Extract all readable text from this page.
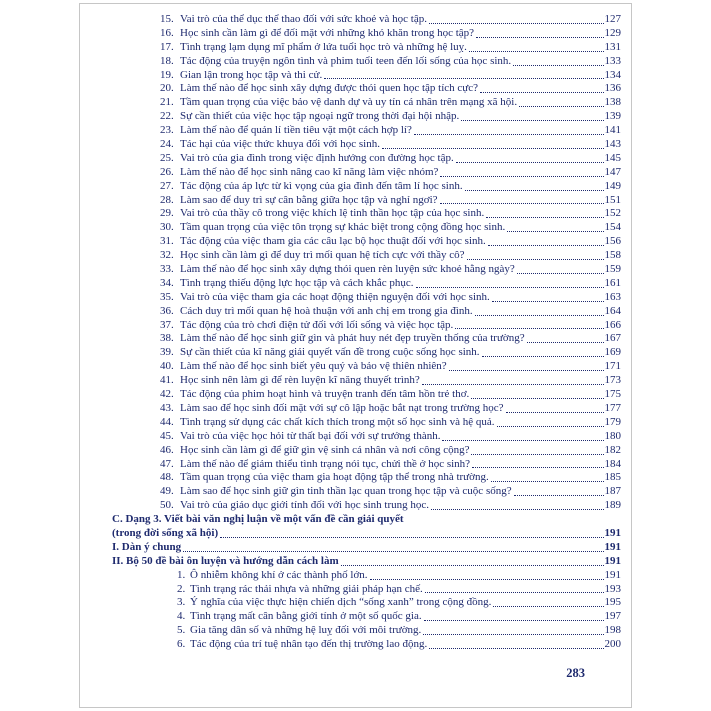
15. Vai trò của thể dục thể thao đối với sức khoẻ và học tập.	127
16. Học sinh cần làm gì để đối mặt với những khó khăn trong học tập?	129
17. Tình trạng lạm dụng mĩ phẩm ở lứa tuổi học trò và những hệ luỵ.	131
18. Tác động của truyện ngôn tình và phim tuổi teen đến lối sống của học sinh.	133
19. Gian lận trong học tập và thi cử.	134
20. Làm thế nào để học sinh xây dựng được thói quen học tập tích cực?	136
21. Tầm quan trọng của việc bảo vệ danh dự và uy tín cá nhân trên mạng xã hội.	138
22. Sự cần thiết của việc học tập ngoại ngữ trong thời đại hội nhập.	139
23. Làm thế nào để quản lí tiền tiêu vặt một cách hợp lí?	141
24. Tác hại của việc thức khuya đối với học sinh.	143
25. Vai trò của gia đình trong việc định hướng con đường học tập.	145
26. Làm thế nào để học sinh nâng cao kĩ năng làm việc nhóm?	147
27. Tác động của áp lực từ kì vọng của gia đình đến tâm lí học sinh.	149
28. Làm sao để duy trì sự cân bằng giữa học tập và nghỉ ngơi?	151
29. Vai trò của thầy cô trong việc khích lệ tinh thần học tập của học sinh.	152
30. Tầm quan trọng của việc tôn trọng sự khác biệt trong cộng đồng học sinh.	154
31. Tác động của việc tham gia các câu lạc bộ học thuật đối với học sinh.	156
32. Học sinh cần làm gì để duy trì mối quan hệ tích cực với thầy cô?	158
33. Làm thế nào để học sinh xây dựng thói quen rèn luyện sức khoẻ hằng ngày?	159
34. Tình trạng thiếu động lực học tập và cách khắc phục.	161
35. Vai trò của việc tham gia các hoạt động thiện nguyện đối với học sinh.	163
36. Cách duy trì mối quan hệ hoà thuận với anh chị em trong gia đình.	164
37. Tác động của trò chơi điện tử đối với lối sống và việc học tập.	166
38. Làm thế nào để học sinh giữ gìn và phát huy nét đẹp truyền thống của trường?	167
39. Sự cần thiết của kĩ năng giải quyết vấn đề trong cuộc sống học sinh.	169
40. Làm thế nào để học sinh biết yêu quý và bảo vệ thiên nhiên?	171
41. Học sinh nên làm gì để rèn luyện kĩ năng thuyết trình?	173
42. Tác động của phim hoạt hình và truyện tranh đến tâm hồn trẻ thơ.	175
43. Làm sao để học sinh đối mặt với sự cô lập hoặc bắt nạt trong trường học?	177
44. Tình trạng sử dụng các chất kích thích trong một số học sinh và hệ quả.	179
45. Vai trò của việc học hỏi từ thất bại đối với sự trưởng thành.	180
46. Học sinh cần làm gì để giữ gìn vệ sinh cá nhân và nơi công cộng?	182
47. Làm thế nào để giảm thiểu tình trạng nói tục, chửi thề ở học sinh?	184
48. Tầm quan trọng của việc tham gia hoạt động tập thể trong nhà trường.	185
49. Làm sao để học sinh giữ gìn tinh thần lạc quan trong học tập và cuộc sống?	187
50. Vai trò của giáo dục giới tính đối với học sinh trung học.	189
C. Dạng 3. Viết bài văn nghị luận về một vấn đề cần giải quyết
(trong đời sống xã hội)	191
I. Dàn ý chung	191
II. Bộ 50 đề bài ôn luyện và hướng dẫn cách làm	191
1. Ô nhiễm không khí ở các thành phố lớn.	191
2. Tình trạng rác thải nhựa và những giải pháp hạn chế.	193
3. Ý nghĩa của việc thực hiện chiến dịch “sống xanh” trong cộng đồng.	195
4. Tình trạng mất cân bằng giới tính ở một số quốc gia.	197
5. Gia tăng dân số và những hệ luỵ đối với môi trường.	198
6. Tác động của trí tuệ nhân tạo đến thị trường lao động.	200
283
